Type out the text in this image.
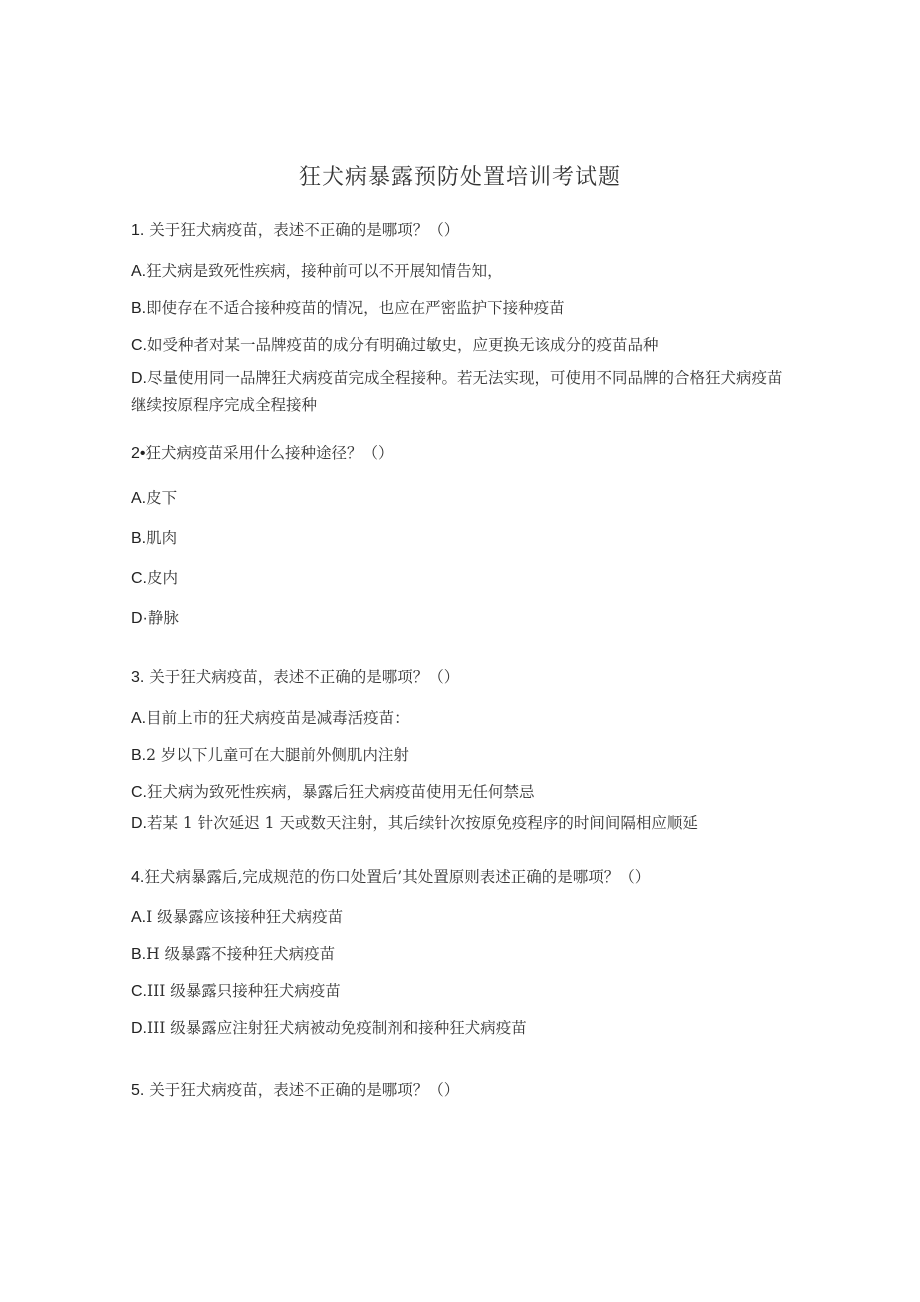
狂犬病暴露预防处置培训考试题
1. 关于狂犬病疫苗，表述不正确的是哪项？（）
A.狂犬病是致死性疾病，接种前可以不开展知情告知，
B.即使存在不适合接种疫苗的情况，也应在严密监护下接种疫苗
C.如受种者对某一品牌疫苗的成分有明确过敏史，应更换无该成分的疫苗品种
D.尽量使用同一品牌狂犬病疫苗完成全程接种。若无法实现，可使用不同品牌的合格狂犬病疫苗继续按原程序完成全程接种
2•狂犬病疫苗采用什么接种途径？（）
A.皮下
B.肌肉
C.皮内
D·静脉
3. 关于狂犬病疫苗，表述不正确的是哪项？（）
A.目前上市的狂犬病疫苗是减毒活疫苗：
B.2 岁以下儿童可在大腿前外侧肌内注射
C.狂犬病为致死性疾病，暴露后狂犬病疫苗使用无任何禁忌
D.若某 1 针次延迟 1 天或数天注射，其后续针次按原免疫程序的时间间隔相应顺延
4.狂犬病暴露后,完成规范的伤口处置后’其处置原则表述正确的是哪项？（）
A.I 级暴露应该接种狂犬病疫苗
B.H 级暴露不接种狂犬病疫苗
C.III 级暴露只接种狂犬病疫苗
D.III 级暴露应注射狂犬病被动免疫制剂和接种狂犬病疫苗
5. 关于狂犬病疫苗，表述不正确的是哪项？（）
